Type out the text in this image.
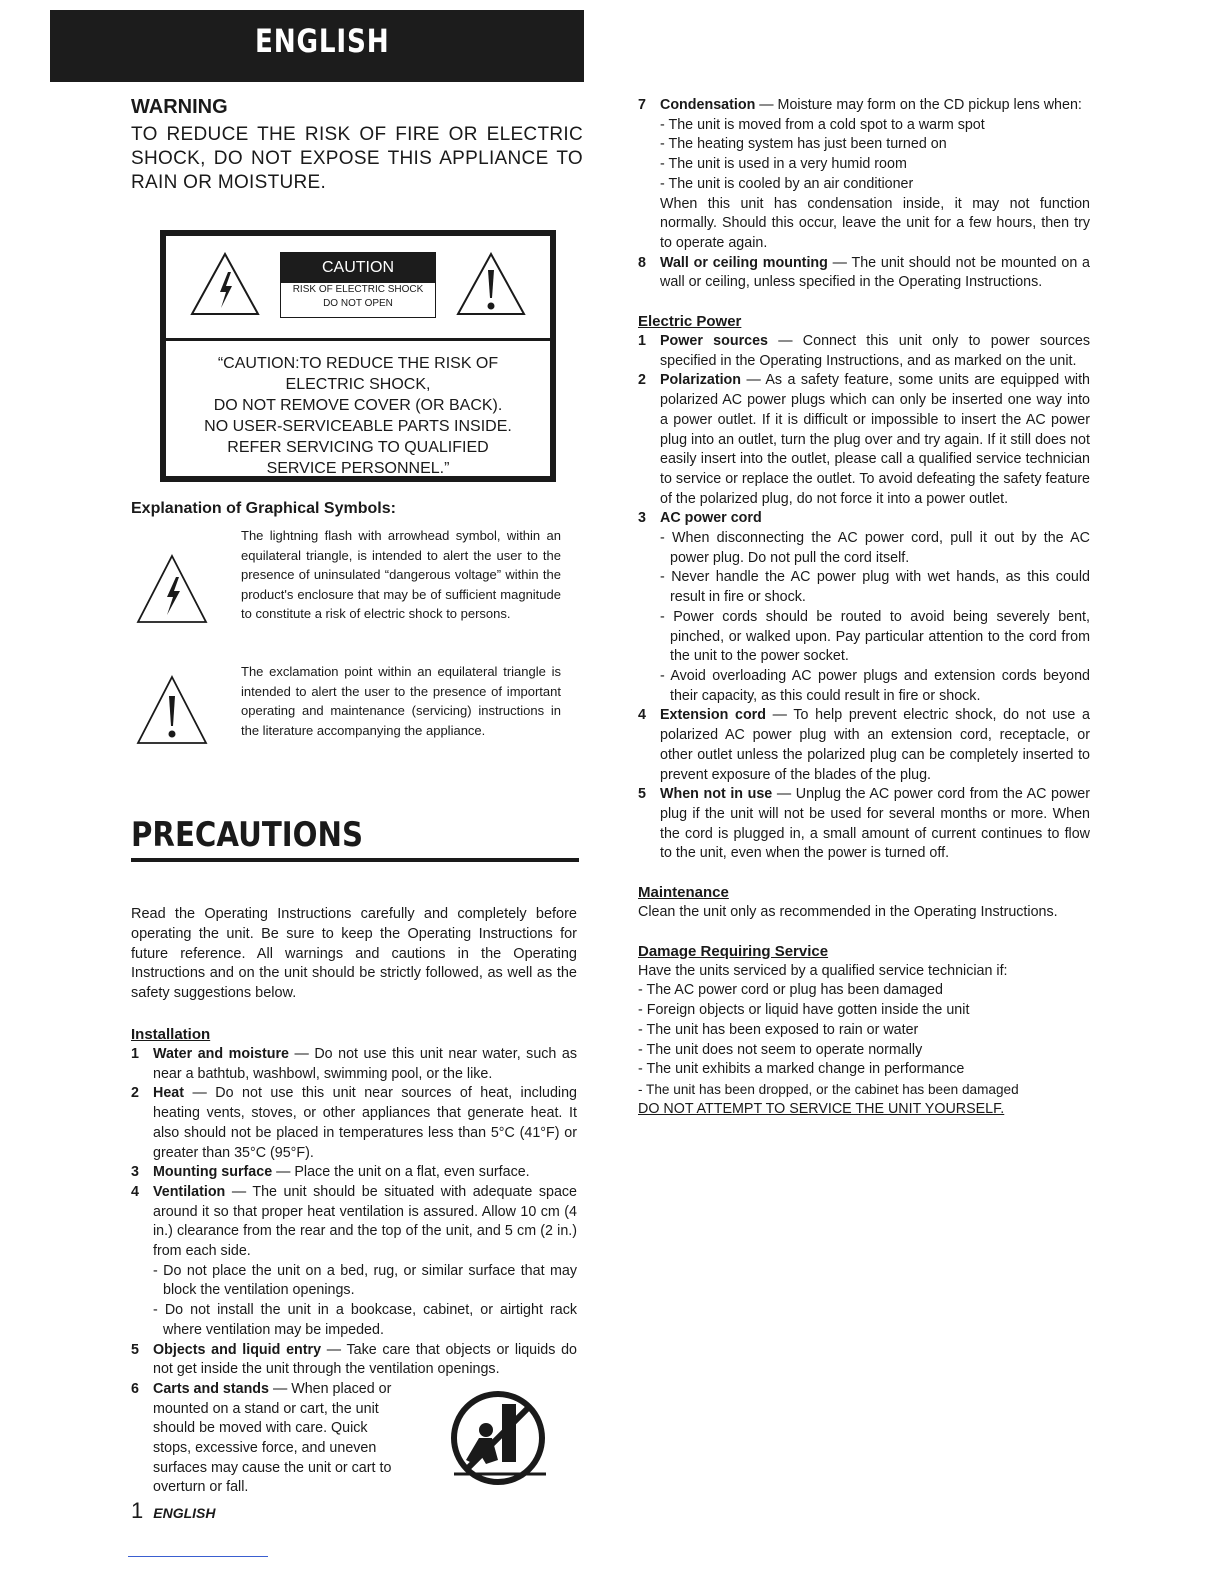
ENGLISH
WARNING

TO REDUCE THE RISK OF FIRE OR ELECTRIC SHOCK, DO NOT EXPOSE THIS APPLIANCE TO RAIN OR MOISTURE.

CAUTION
RISK OF ELECTRIC SHOCK
DO NOT OPEN
“CAUTION:TO REDUCE THE RISK OF
ELECTRIC SHOCK,
DO NOT REMOVE COVER (OR BACK).
NO USER-SERVICEABLE PARTS INSIDE.
REFER SERVICING TO QUALIFIED
SERVICE PERSONNEL.”
Explanation of Graphical Symbols:
The lightning flash with arrowhead symbol, within an equilateral triangle, is intended to alert the user to the presence of uninsulated “dangerous voltage” within the product's enclosure that may be of sufficient magnitude to constitute a risk of electric shock to persons.
The exclamation point within an equilateral triangle is intended to alert the user to the presence of important operating and maintenance (servicing) instructions in the literature accompanying the appliance.
PRECAUTIONS
Read the Operating Instructions carefully and completely before operating the unit. Be sure to keep the Operating Instructions for future reference. All warnings and cautions in the Operating Instructions and on the unit should be strictly followed, as well as the safety suggestions below.
Installation
1 Water and moisture — Do not use this unit near water, such as near a bathtub, washbowl, swimming pool, or the like.
2 Heat — Do not use this unit near sources of heat, including heating vents, stoves, or other appliances that generate heat. It also should not be placed in temperatures less than 5°C (41°F) or greater than 35°C (95°F).
3 Mounting surface — Place the unit on a flat, even surface.
4 Ventilation — The unit should be situated with adequate space around it so that proper heat ventilation is assured. Allow 10 cm (4 in.) clearance from the rear and the top of the unit, and 5 cm (2 in.) from each side.
- Do not place the unit on a bed, rug, or similar surface that may block the ventilation openings.
- Do not install the unit in a bookcase, cabinet, or airtight rack where ventilation may be impeded.
5 Objects and liquid entry — Take care that objects or liquids do not get inside the unit through the ventilation openings.
6 Carts and stands — When placed or mounted on a stand or cart, the unit should be moved with care. Quick stops, excessive force, and uneven surfaces may cause the unit or cart to overturn or fall.
1 ENGLISH
7 Condensation — Moisture may form on the CD pickup lens when:
- The unit is moved from a cold spot to a warm spot
- The heating system has just been turned on
- The unit is used in a very humid room
- The unit is cooled by an air conditioner
When this unit has condensation inside, it may not function normally. Should this occur, leave the unit for a few hours, then try to operate again.
8 Wall or ceiling mounting — The unit should not be mounted on a wall or ceiling, unless specified in the Operating Instructions.
Electric Power
1 Power sources — Connect this unit only to power sources specified in the Operating Instructions, and as marked on the unit.
2 Polarization — As a safety feature, some units are equipped with polarized AC power plugs which can only be inserted one way into a power outlet. If it is difficult or impossible to insert the AC power plug into an outlet, turn the plug over and try again. If it still does not easily insert into the outlet, please call a qualified service technician to service or replace the outlet. To avoid defeating the safety feature of the polarized plug, do not force it into a power outlet.
3 AC power cord
- When disconnecting the AC power cord, pull it out by the AC power plug. Do not pull the cord itself.
- Never handle the AC power plug with wet hands, as this could result in fire or shock.
- Power cords should be routed to avoid being severely bent, pinched, or walked upon. Pay particular attention to the cord from the unit to the power socket.
- Avoid overloading AC power plugs and extension cords beyond their capacity, as this could result in fire or shock.
4 Extension cord — To help prevent electric shock, do not use a polarized AC power plug with an extension cord, receptacle, or other outlet unless the polarized plug can be completely inserted to prevent exposure of the blades of the plug.
5 When not in use — Unplug the AC power cord from the AC power plug if the unit will not be used for several months or more. When the cord is plugged in, a small amount of current continues to flow to the unit, even when the power is turned off.
Maintenance
Clean the unit only as recommended in the Operating Instructions.
Damage Requiring Service
Have the units serviced by a qualified service technician if:
- The AC power cord or plug has been damaged
- Foreign objects or liquid have gotten inside the unit
- The unit has been exposed to rain or water
- The unit does not seem to operate normally
- The unit exhibits a marked change in performance
- The unit has been dropped, or the cabinet has been damaged
DO NOT ATTEMPT TO SERVICE THE UNIT YOURSELF.
